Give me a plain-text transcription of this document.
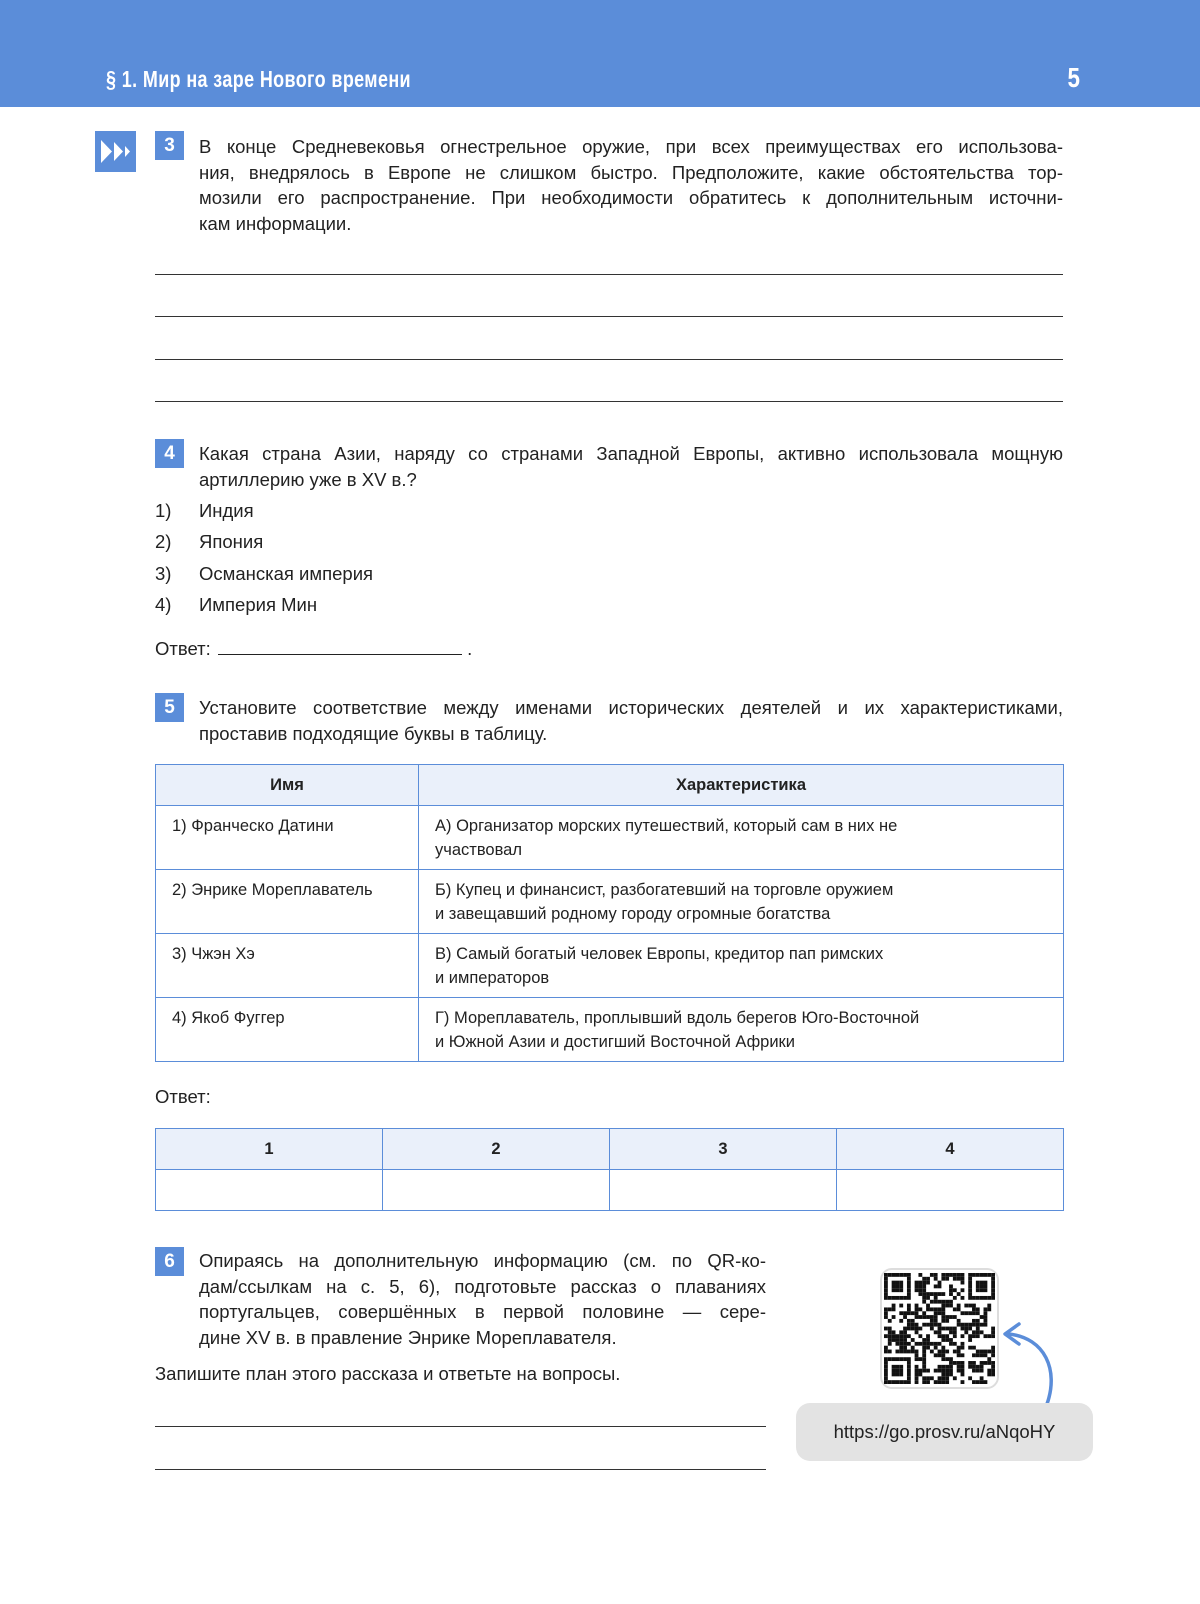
§ 1. Мир на заре Нового времени	5
3	В конце Средневековья огнестрельное оружие, при всех преимуществах его использова-
ния, внедрялось в Европе не слишком быстро. Предположите, какие обстоятельства тор-
мозили его распространение. При необходимости обратитесь к дополнительным источни-
кам информации.
4	Какая страна Азии, наряду со странами Западной Европы, активно использовала мощную
артиллерию уже в XV в.?
1) Индия
2) Япония
3) Османская империя
4) Империя Мин
Ответ:	.
5	Установите соответствие между именами исторических деятелей и их характеристиками,
проставив подходящие буквы в таблицу.
Имя	Характеристика
1) Франческо Датини	А) Организатор морских путешествий, который сам в них не
участвовал

2) Энрике Мореплаватель	Б) Купец и финансист, разбогатевший на торговле оружием
и завещавший родному городу огромные богатства

3) Чжэн Хэ	В) Самый богатый человек Европы, кредитор пап римских
и императоров

4) Якоб Фуггер	Г) Мореплаватель, проплывший вдоль берегов Юго-Восточной
и Южной Азии и достигший Восточной Африки
Ответ:
1	2	3	4

6	Опираясь на дополнительную информацию (см. по QR-ко-
дам/ссылкам на с. 5, 6), подготовьте рассказ о плаваниях
португальцев, совершённых в первой половине — сере-
дине XV в. в правление Энрике Мореплавателя.
Запишите план этого рассказа и ответьте на вопросы.
https://go.prosv.ru/aNqoHY
